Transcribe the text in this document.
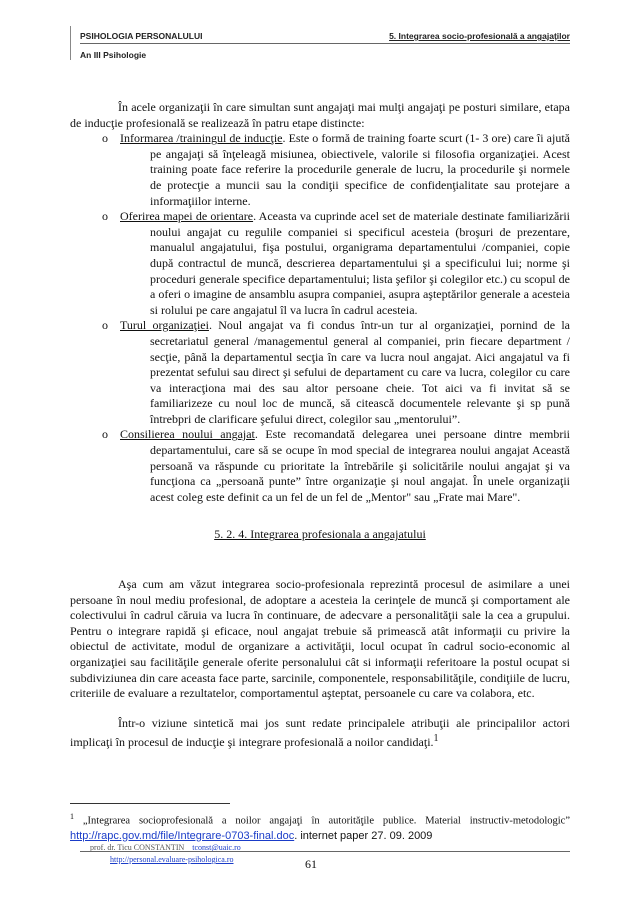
PSIHOLOGIA PERSONALULUI	5. Integrarea socio-profesională a angajaţilor
An III Psihologie

În acele organizaţii în care simultan sunt angajaţi mai mulţi angajaţi pe posturi similare, etapa de inducţie profesională se realizează în patru etape distincte:

o Informarea /trainingul de inducţie. Este o formă de training foarte scurt (1- 3 ore) care îi ajută pe angajaţi să înţeleagă misiunea, obiectivele, valorile si filosofia organizaţiei. Acest training poate face referire la procedurile generale de lucru, la procedurile şi normele de protecţie a muncii sau la condiţii specifice de confidenţialitate sau protejare a informaţiilor interne.
o Oferirea mapei de orientare. Aceasta va cuprinde acel set de materiale destinate familiarizării noului angajat cu regulile companiei si specificul acesteia (broşuri de prezentare, manualul angajatului, fişa postului, organigrama departamentului /companiei, copie după contractul de muncă, descrierea departamentului şi a specificului lui; norme şi proceduri generale specifice departamentului; lista şefilor şi colegilor etc.) cu scopul de a oferi o imagine de ansamblu asupra companiei, asupra aşteptărilor generale a acesteia si rolului pe care angajatul îl va lucra în cadrul acesteia.
o Turul organizaţiei. Noul angajat va fi condus într-un tur al organizaţiei, pornind de la secretariatul general /managementul general al companiei, prin fiecare department / secţie, până la departamentul secţia în care va lucra noul angajat. Aici angajatul va fi prezentat sefului sau direct şi sefului de departament cu care va lucra, colegilor cu care va interacţiona mai des sau altor persoane cheie. Tot aici va fi invitat să se familiarizeze cu noul loc de muncă, să citească documentele relevante şi sp pună întrebpri de clarificare şefului direct, colegilor sau „mentorului”.
o Consilierea noului angajat. Este recomandată delegarea unei persoane dintre membrii departamentului, care să se ocupe în mod special de integrarea noului angajat Această persoană va răspunde cu prioritate la întrebările şi solicitările noului angajat şi va funcţiona ca „persoană punte” între organizaţie şi noul angajat. În unele organizaţii acest coleg este definit ca un fel de un fel de „Mentor" sau „Frate mai Mare".

5. 2. 4. Integrarea profesionala a angajatului

Aşa cum am văzut integrarea socio-profesionala reprezintă procesul de asimilare a unei persoane în noul mediu profesional, de adoptare a acesteia la cerinţele de muncă şi comportament ale colectivului în cadrul căruia va lucra în continuare, de adecvare a personalităţii sale la cea a grupului. Pentru o integrare rapidă şi eficace, noul angajat trebuie să primească atât informaţii cu privire la obiectul de activitate, modul de organizare a activităţii, locul ocupat în cadrul socio-economic al organizaţiei sau facilităţile generale oferite personalului cât si informaţii referitoare la postul ocupat si subdiviziunea din care aceasta face parte, sarcinile, componentele, responsabilităţile, condiţiile de lucru, criteriile de evaluare a rezultatelor, comportamentul aşteptat, persoanele cu care va colabora, etc.

Într-o viziune sintetică mai jos sunt redate principalele atribuţii ale principalilor actori implicaţi în procesul de inducţie şi integrare profesională a noilor candidaţi.$^1$

$^1$ „Integrarea socioprofesională a noilor angajaţi în autorităţile publice. Material instructiv-metodologic” http://rapc.gov.md/file/Integrare-0703-final.doc. internet paper 27. 09. 2009
prof. dr. Ticu CONSTANTIN tconst@uaic.ro
http://personal.evaluare-psihologica.ro	61
